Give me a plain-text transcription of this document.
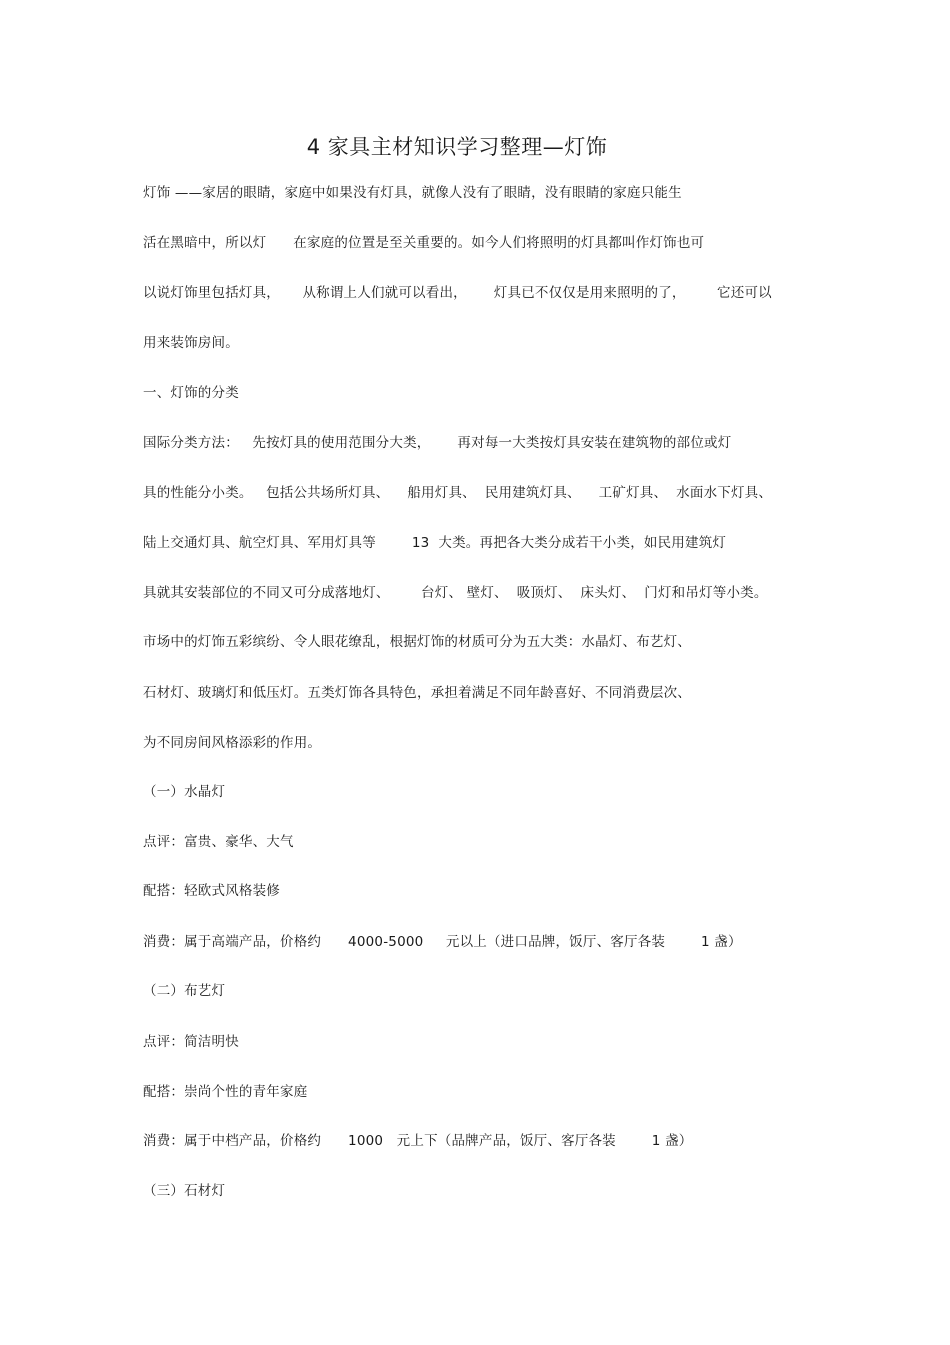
4 家具主材知识学习整理—灯饰
灯饰 ——家居的眼睛，家庭中如果没有灯具，就像人没有了眼睛，没有眼睛的家庭只能生
活在黑暗中，所以灯      在家庭的位置是至关重要的。如今人们将照明的灯具都叫作灯饰也可
以说灯饰里包括灯具，     从称谓上人们就可以看出，      灯具已不仅仅是用来照明的了，       它还可以
用来装饰房间。
一、灯饰的分类
国际分类方法：   先按灯具的使用范围分大类，      再对每一大类按灯具安装在建筑物的部位或灯
具的性能分小类。   包括公共场所灯具、    船用灯具、  民用建筑灯具、    工矿灯具、  水面水下灯具、
陆上交通灯具、航空灯具、军用灯具等        13  大类。再把各大类分成若干小类，如民用建筑灯
具就其安装部位的不同又可分成落地灯、       台灯、 壁灯、  吸顶灯、  床头灯、  门灯和吊灯等小类。
市场中的灯饰五彩缤纷、令人眼花缭乱，根据灯饰的材质可分为五大类：水晶灯、布艺灯、
石材灯、玻璃灯和低压灯。五类灯饰各具特色，承担着满足不同年龄喜好、不同消费层次、
为不同房间风格添彩的作用。
（一）水晶灯
点评：富贵、豪华、大气
配搭：轻欧式风格装修
消费：属于高端产品，价格约      4000-5000     元以上（进口品牌，饭厅、客厅各装        1 盏）
（二）布艺灯
点评：简洁明快
配搭：崇尚个性的青年家庭
消费：属于中档产品，价格约      1000   元上下（品牌产品，饭厅、客厅各装        1 盏）
（三）石材灯
